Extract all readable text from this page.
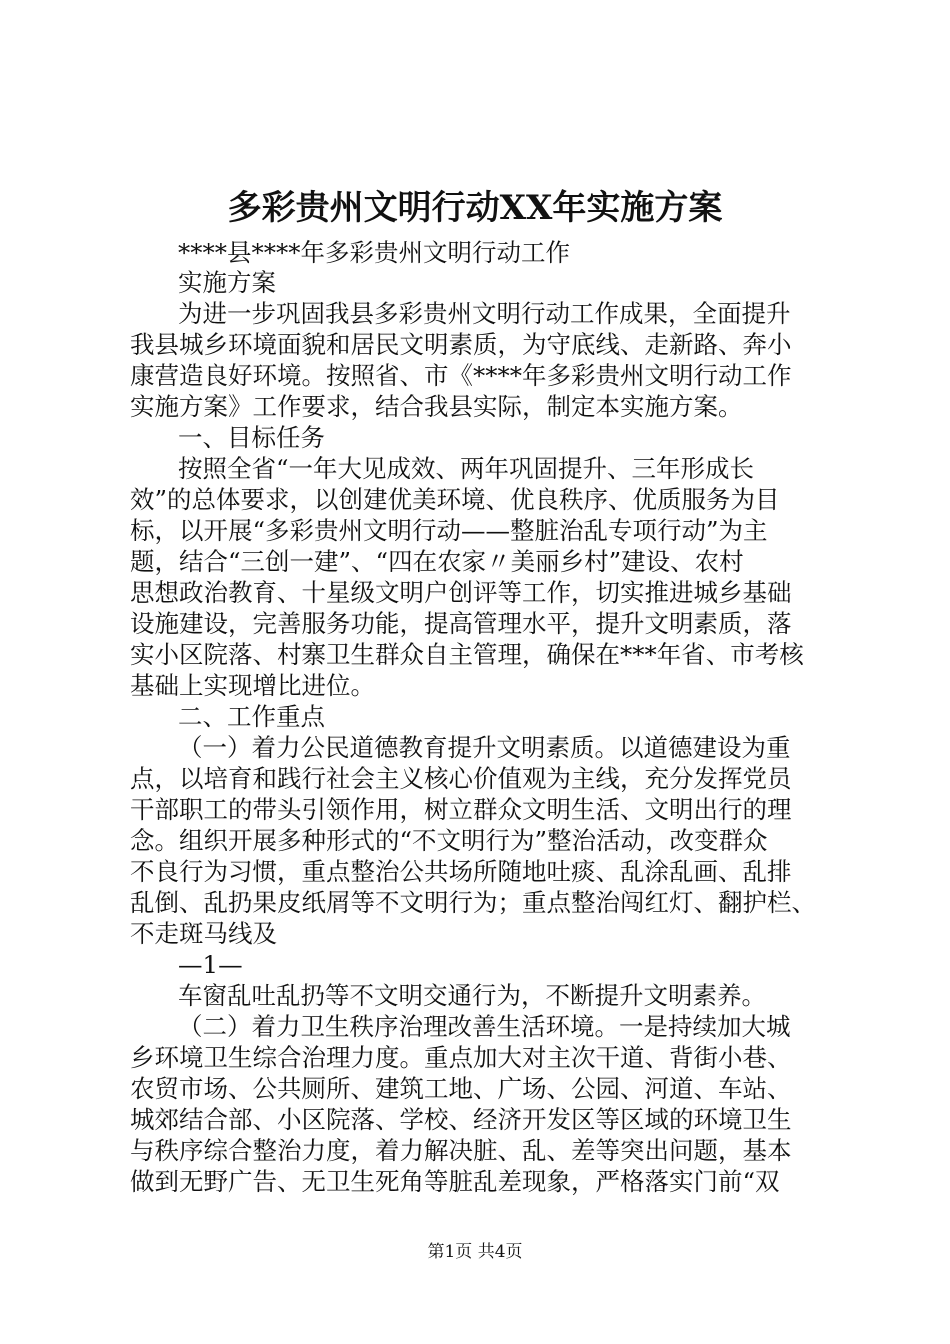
多彩贵州文明行动XX年实施方案
****县****年多彩贵州文明行动工作
实施方案
为进一步巩固我县多彩贵州文明行动工作成果，全面提升
我县城乡环境面貌和居民文明素质，为守底线、走新路、奔小
康营造良好环境。按照省、市《****年多彩贵州文明行动工作
实施方案》工作要求，结合我县实际，制定本实施方案。
一、目标任务
按照全省“一年大见成效、两年巩固提升、三年形成长
效”的总体要求，以创建优美环境、优良秩序、优质服务为目
标，以开展“多彩贵州文明行动——整脏治乱专项行动”为主
题，结合“三创一建”、“四在农家〃美丽乡村”建设、农村
思想政治教育、十星级文明户创评等工作，切实推进城乡基础
设施建设，完善服务功能，提高管理水平，提升文明素质，落
实小区院落、村寨卫生群众自主管理，确保在***年省、市考核
基础上实现增比进位。
二、工作重点
（一）着力公民道德教育提升文明素质。以道德建设为重
点，以培育和践行社会主义核心价值观为主线，充分发挥党员
干部职工的带头引领作用，树立群众文明生活、文明出行的理
念。组织开展多种形式的“不文明行为”整治活动，改变群众
不良行为习惯，重点整治公共场所随地吐痰、乱涂乱画、乱排
乱倒、乱扔果皮纸屑等不文明行为；重点整治闯红灯、翻护栏、
不走斑马线及
—1—
车窗乱吐乱扔等不文明交通行为，不断提升文明素养。
（二）着力卫生秩序治理改善生活环境。一是持续加大城
乡环境卫生综合治理力度。重点加大对主次干道、背街小巷、
农贸市场、公共厕所、建筑工地、广场、公园、河道、车站、
城郊结合部、小区院落、学校、经济开发区等区域的环境卫生
与秩序综合整治力度，着力解决脏、乱、差等突出问题，基本
做到无野广告、无卫生死角等脏乱差现象，严格落实门前“双
第1页 共4页
